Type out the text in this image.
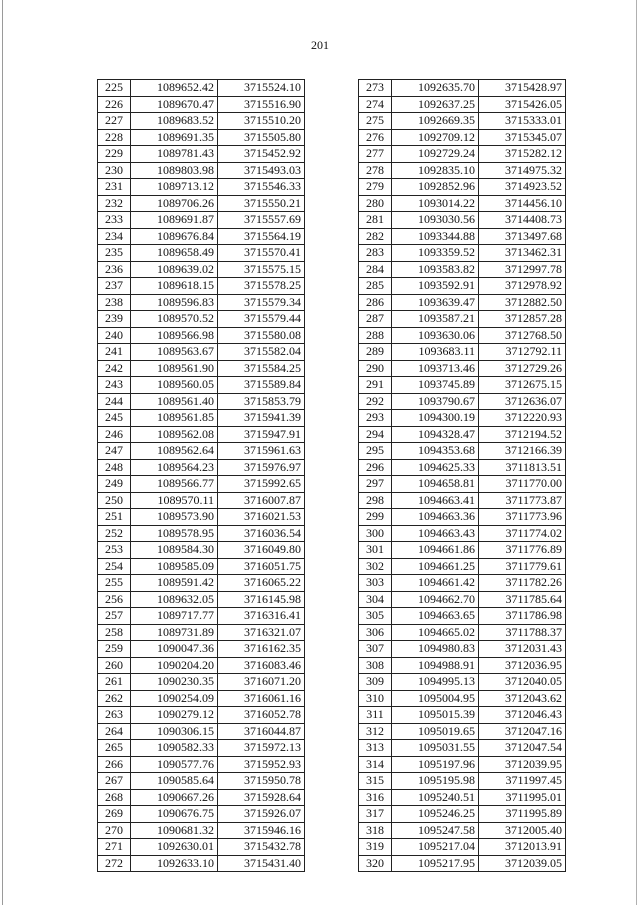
201
225	1089652.42	3715524.10
226	1089670.47	3715516.90
227	1089683.52	3715510.20
228	1089691.35	3715505.80
229	1089781.43	3715452.92
230	1089803.98	3715493.03
231	1089713.12	3715546.33
232	1089706.26	3715550.21
233	1089691.87	3715557.69
234	1089676.84	3715564.19
235	1089658.49	3715570.41
236	1089639.02	3715575.15
237	1089618.15	3715578.25
238	1089596.83	3715579.34
239	1089570.52	3715579.44
240	1089566.98	3715580.08
241	1089563.67	3715582.04
242	1089561.90	3715584.25
243	1089560.05	3715589.84
244	1089561.40	3715853.79
245	1089561.85	3715941.39
246	1089562.08	3715947.91
247	1089562.64	3715961.63
248	1089564.23	3715976.97
249	1089566.77	3715992.65
250	1089570.11	3716007.87
251	1089573.90	3716021.53
252	1089578.95	3716036.54
253	1089584.30	3716049.80
254	1089585.09	3716051.75
255	1089591.42	3716065.22
256	1089632.05	3716145.98
257	1089717.77	3716316.41
258	1089731.89	3716321.07
259	1090047.36	3716162.35
260	1090204.20	3716083.46
261	1090230.35	3716071.20
262	1090254.09	3716061.16
263	1090279.12	3716052.78
264	1090306.15	3716044.87
265	1090582.33	3715972.13
266	1090577.76	3715952.93
267	1090585.64	3715950.78
268	1090667.26	3715928.64
269	1090676.75	3715926.07
270	1090681.32	3715946.16
271	1092630.01	3715432.78
272	1092633.10	3715431.40
273	1092635.70	3715428.97
274	1092637.25	3715426.05
275	1092669.35	3715333.01
276	1092709.12	3715345.07
277	1092729.24	3715282.12
278	1092835.10	3714975.32
279	1092852.96	3714923.52
280	1093014.22	3714456.10
281	1093030.56	3714408.73
282	1093344.88	3713497.68
283	1093359.52	3713462.31
284	1093583.82	3712997.78
285	1093592.91	3712978.92
286	1093639.47	3712882.50
287	1093587.21	3712857.28
288	1093630.06	3712768.50
289	1093683.11	3712792.11
290	1093713.46	3712729.26
291	1093745.89	3712675.15
292	1093790.67	3712636.07
293	1094300.19	3712220.93
294	1094328.47	3712194.52
295	1094353.68	3712166.39
296	1094625.33	3711813.51
297	1094658.81	3711770.00
298	1094663.41	3711773.87
299	1094663.36	3711773.96
300	1094663.43	3711774.02
301	1094661.86	3711776.89
302	1094661.25	3711779.61
303	1094661.42	3711782.26
304	1094662.70	3711785.64
305	1094663.65	3711786.98
306	1094665.02	3711788.37
307	1094980.83	3712031.43
308	1094988.91	3712036.95
309	1094995.13	3712040.05
310	1095004.95	3712043.62
311	1095015.39	3712046.43
312	1095019.65	3712047.16
313	1095031.55	3712047.54
314	1095197.96	3712039.95
315	1095195.98	3711997.45
316	1095240.51	3711995.01
317	1095246.25	3711995.89
318	1095247.58	3712005.40
319	1095217.04	3712013.91
320	1095217.95	3712039.05
